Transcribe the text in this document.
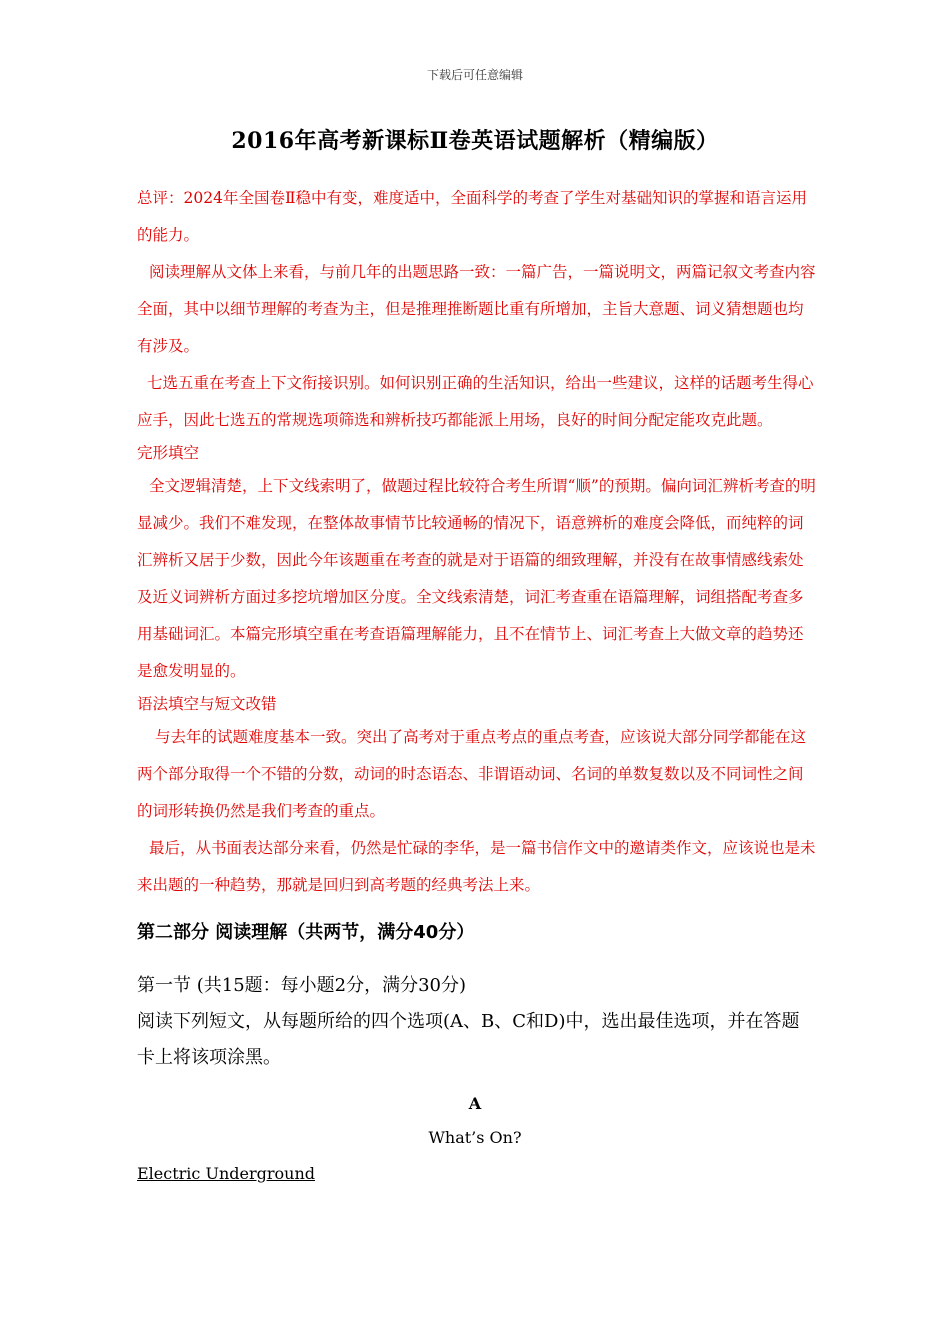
下载后可任意编辑
2016年高考新课标Ⅱ卷英语试题解析（精编版）

总评：2024年全国卷Ⅱ稳中有变，难度适中，全面科学的考查了学生对基础知识的掌握和语言运用的能力。

阅读理解从文体上来看，与前几年的出题思路一致：一篇广告，一篇说明文，两篇记叙文考查内容全面，其中以细节理解的考查为主，但是推理推断题比重有所增加，主旨大意题、词义猜想题也均有涉及。

七选五重在考查上下文衔接识别。如何识别正确的生活知识，给出一些建议，这样的话题考生得心应手，因此七选五的常规选项筛选和辨析技巧都能派上用场，良好的时间分配定能攻克此题。

完形填空

全文逻辑清楚，上下文线索明了，做题过程比较符合考生所谓“顺”的预期。偏向词汇辨析考查的明显减少。我们不难发现，在整体故事情节比较通畅的情况下，语意辨析的难度会降低，而纯粹的词汇辨析又居于少数，因此今年该题重在考查的就是对于语篇的细致理解，并没有在故事情感线索处及近义词辨析方面过多挖坑增加区分度。全文线索清楚，词汇考查重在语篇理解，词组搭配考查多用基础词汇。本篇完形填空重在考查语篇理解能力，且不在情节上、词汇考查上大做文章的趋势还是愈发明显的。

语法填空与短文改错

与去年的试题难度基本一致。突出了高考对于重点考点的重点考查，应该说大部分同学都能在这两个部分取得一个不错的分数，动词的时态语态、非谓语动词、名词的单数复数以及不同词性之间的词形转换仍然是我们考查的重点。

最后，从书面表达部分来看，仍然是忙碌的李华，是一篇书信作文中的邀请类作文，应该说也是未来出题的一种趋势，那就是回归到高考题的经典考法上来。

第二部分 阅读理解（共两节，满分40分）

第一节 (共15题：每小题2分，满分30分)

阅读下列短文，从每题所给的四个选项(A、B、C和D)中，选出最佳选项，并在答题卡上将该项涂黑。

A
What’s On?
Electric Underground
